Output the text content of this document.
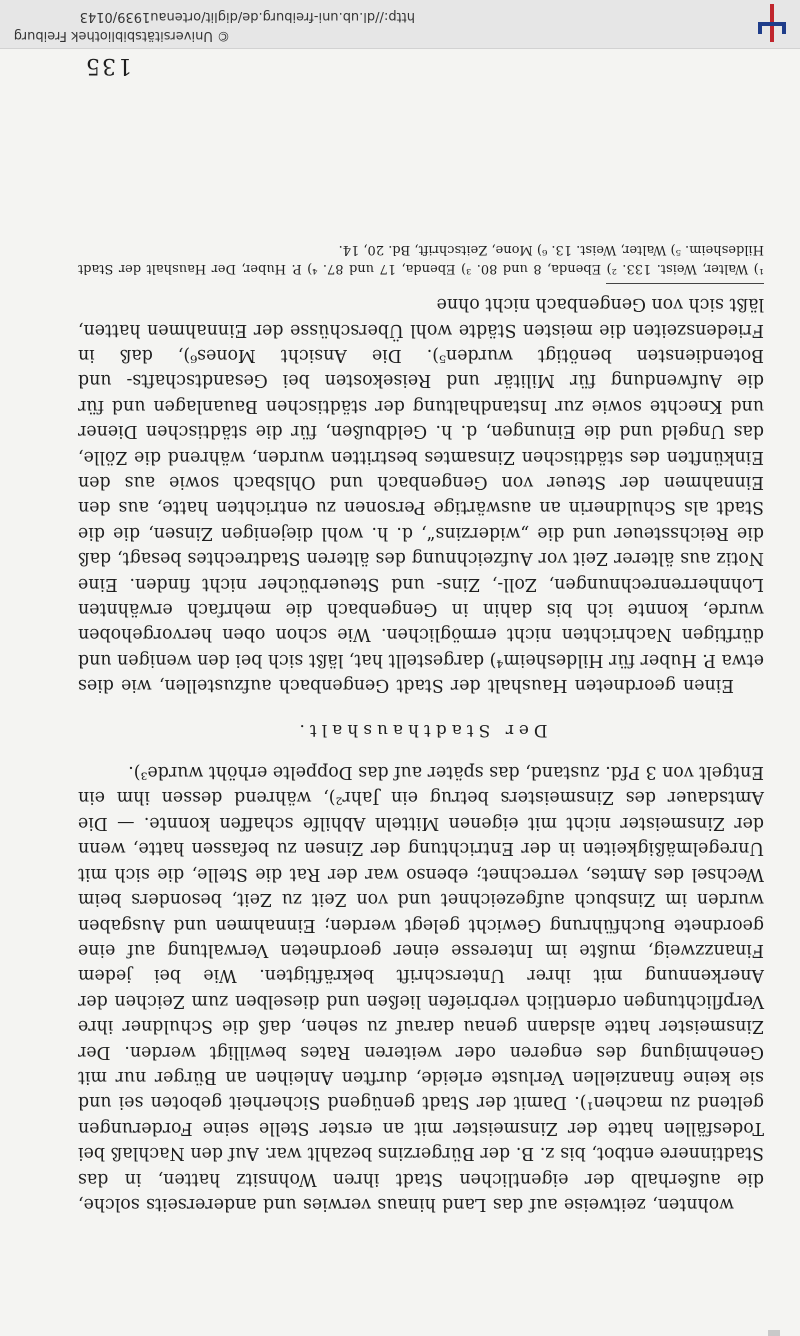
135

wohnten, zeitweise auf das Land hinaus verwies und andererseits solche, die außerhalb der eigentlichen Stadt ihren Wohnsitz hatten, in das Stadtinnere entbot, bis z. B. der Bürgerzins bezahlt war. Auf den Nachlaß bei Todesfällen hatte der Zinsmeister mit an erster Stelle seine Forderungen geltend zu machen¹). Damit der Stadt genügend Sicherheit geboten sei und sie keine finanziellen Verluste erleide, durften Anleihen an Bürger nur mit Genehmigung des engeren oder weiteren Rates bewilligt werden. Der Zinsmeister hatte alsdann genau darauf zu sehen, daß die Schuldner ihre Verpflichtungen ordentlich verbriefen ließen und dieselben zum Zeichen der Anerkennung mit ihrer Unterschrift bekräftigten. Wie bei jedem Finanzzweig, mußte im Interesse einer geordneten Verwaltung auf eine geordnete Buchführung Gewicht gelegt werden; Einnahmen und Ausgaben wurden im Zinsbuch aufgezeichnet und von Zeit zu Zeit, besonders beim Wechsel des Amtes, verrechnet; ebenso war der Rat die Stelle, die sich mit Unregelmäßigkeiten in der Entrichtung der Zinsen zu befassen hatte, wenn der Zinsmeister nicht mit eigenen Mitteln Abhilfe schaffen konnte. — Die Amtsdauer des Zinsmeisters betrug ein Jahr²), während dessen ihm ein Entgelt von 3 Pfd. zustand, das später auf das Doppelte erhöht wurde³).

Der Stadthaushalt.

Einen geordneten Haushalt der Stadt Gengenbach aufzustellen, wie dies etwa P. Huber für Hildesheim⁴) dargestellt hat, läßt sich bei den wenigen und dürftigen Nachrichten nicht ermöglichen. Wie schon oben hervorgehoben wurde, konnte ich bis dahin in Gengenbach die mehrfach erwähnten Lohnherrenrechnungen, Zoll-, Zins- und Steuerbücher nicht finden. Eine Notiz aus älterer Zeit vor Aufzeichnung des älteren Stadtrechtes besagt, daß die Reichssteuer und die „widerzins“, d. h. wohl diejenigen Zinsen, die die Stadt als Schuldnerin an auswärtige Personen zu entrichten hatte, aus den Einnahmen der Steuer von Gengenbach und Ohlsbach sowie aus den Einkünften des städtischen Zinsamtes bestritten wurden, während die Zölle, das Ungeld und die Einungen, d. h. Geldbußen, für die städtischen Diener und Knechte sowie zur Instandhaltung der städtischen Bauanlagen und für die Aufwendung für Militär und Reisekosten bei Gesandtschafts- und Botendiensten benötigt wurden⁵). Die Ansicht Mones⁶), daß in Friedenszeiten die meisten Städte wohl Überschüsse der Einnahmen hatten, läßt sich von Gengenbach nicht ohne

¹) Walter, Weist. 133. ²) Ebenda, 8 und 80. ³) Ebenda, 17 und 87. ⁴) P. Huber, Der Haushalt der Stadt Hildesheim. ⁵) Walter, Weist. 13. ⁶) Mone, Zeitschrift, Bd. 20, 14.

http://dl.ub.uni-freiburg.de/diglit/ortenau1939/0143
© Universitätsbibliothek Freiburg
